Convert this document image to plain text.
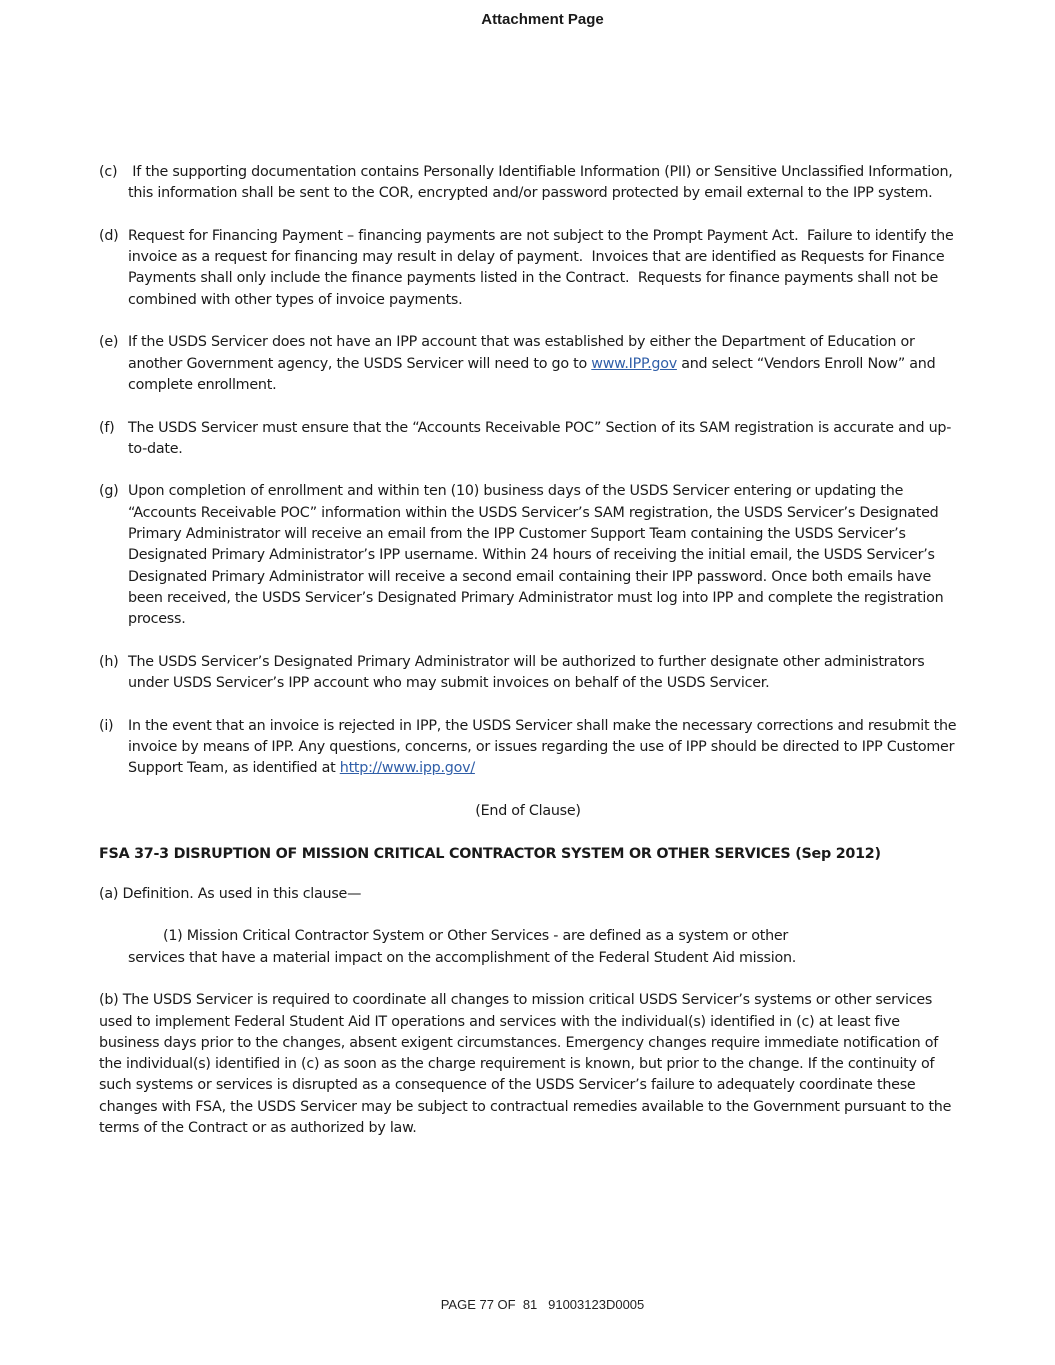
Attachment Page
(c) If the supporting documentation contains Personally Identifiable Information (PII) or Sensitive Unclassified Information, this information shall be sent to the COR, encrypted and/or password protected by email external to the IPP system.
(d) Request for Financing Payment – financing payments are not subject to the Prompt Payment Act.  Failure to identify the invoice as a request for financing may result in delay of payment.  Invoices that are identified as Requests for Finance Payments shall only include the finance payments listed in the Contract.  Requests for finance payments shall not be combined with other types of invoice payments.
(e) If the USDS Servicer does not have an IPP account that was established by either the Department of Education or another Government agency, the USDS Servicer will need to go to www.IPP.gov and select “Vendors Enroll Now” and complete enrollment.
(f) The USDS Servicer must ensure that the “Accounts Receivable POC” Section of its SAM registration is accurate and up-to-date.
(g) Upon completion of enrollment and within ten (10) business days of the USDS Servicer entering or updating the “Accounts Receivable POC” information within the USDS Servicer’s SAM registration, the USDS Servicer’s Designated Primary Administrator will receive an email from the IPP Customer Support Team containing the USDS Servicer’s Designated Primary Administrator’s IPP username. Within 24 hours of receiving the initial email, the USDS Servicer’s Designated Primary Administrator will receive a second email containing their IPP password. Once both emails have been received, the USDS Servicer’s Designated Primary Administrator must log into IPP and complete the registration process.
(h) The USDS Servicer’s Designated Primary Administrator will be authorized to further designate other administrators under USDS Servicer’s IPP account who may submit invoices on behalf of the USDS Servicer.
(i)	In the event that an invoice is rejected in IPP, the USDS Servicer shall make the necessary corrections and resubmit the invoice by means of IPP. Any questions, concerns, or issues regarding the use of IPP should be directed to IPP Customer Support Team, as identified at http://www.ipp.gov/
(End of Clause)
FSA 37-3 DISRUPTION OF MISSION CRITICAL CONTRACTOR SYSTEM OR OTHER SERVICES (Sep 2012)
(a) Definition. As used in this clause—
(1) Mission Critical Contractor System or Other Services - are defined as a system or other
services that have a material impact on the accomplishment of the Federal Student Aid mission.
(b) The USDS Servicer is required to coordinate all changes to mission critical USDS Servicer’s systems or other services used to implement Federal Student Aid IT operations and services with the individual(s) identified in (c) at least five business days prior to the changes, absent exigent circumstances. Emergency changes require immediate notification of the individual(s) identified in (c) as soon as the charge requirement is known, but prior to the change. If the continuity of such systems or services is disrupted as a consequence of the USDS Servicer’s failure to adequately coordinate these changes with FSA, the USDS Servicer may be subject to contractual remedies available to the Government pursuant to the terms of the Contract or as authorized by law.
PAGE 77 OF  81   91003123D0005
